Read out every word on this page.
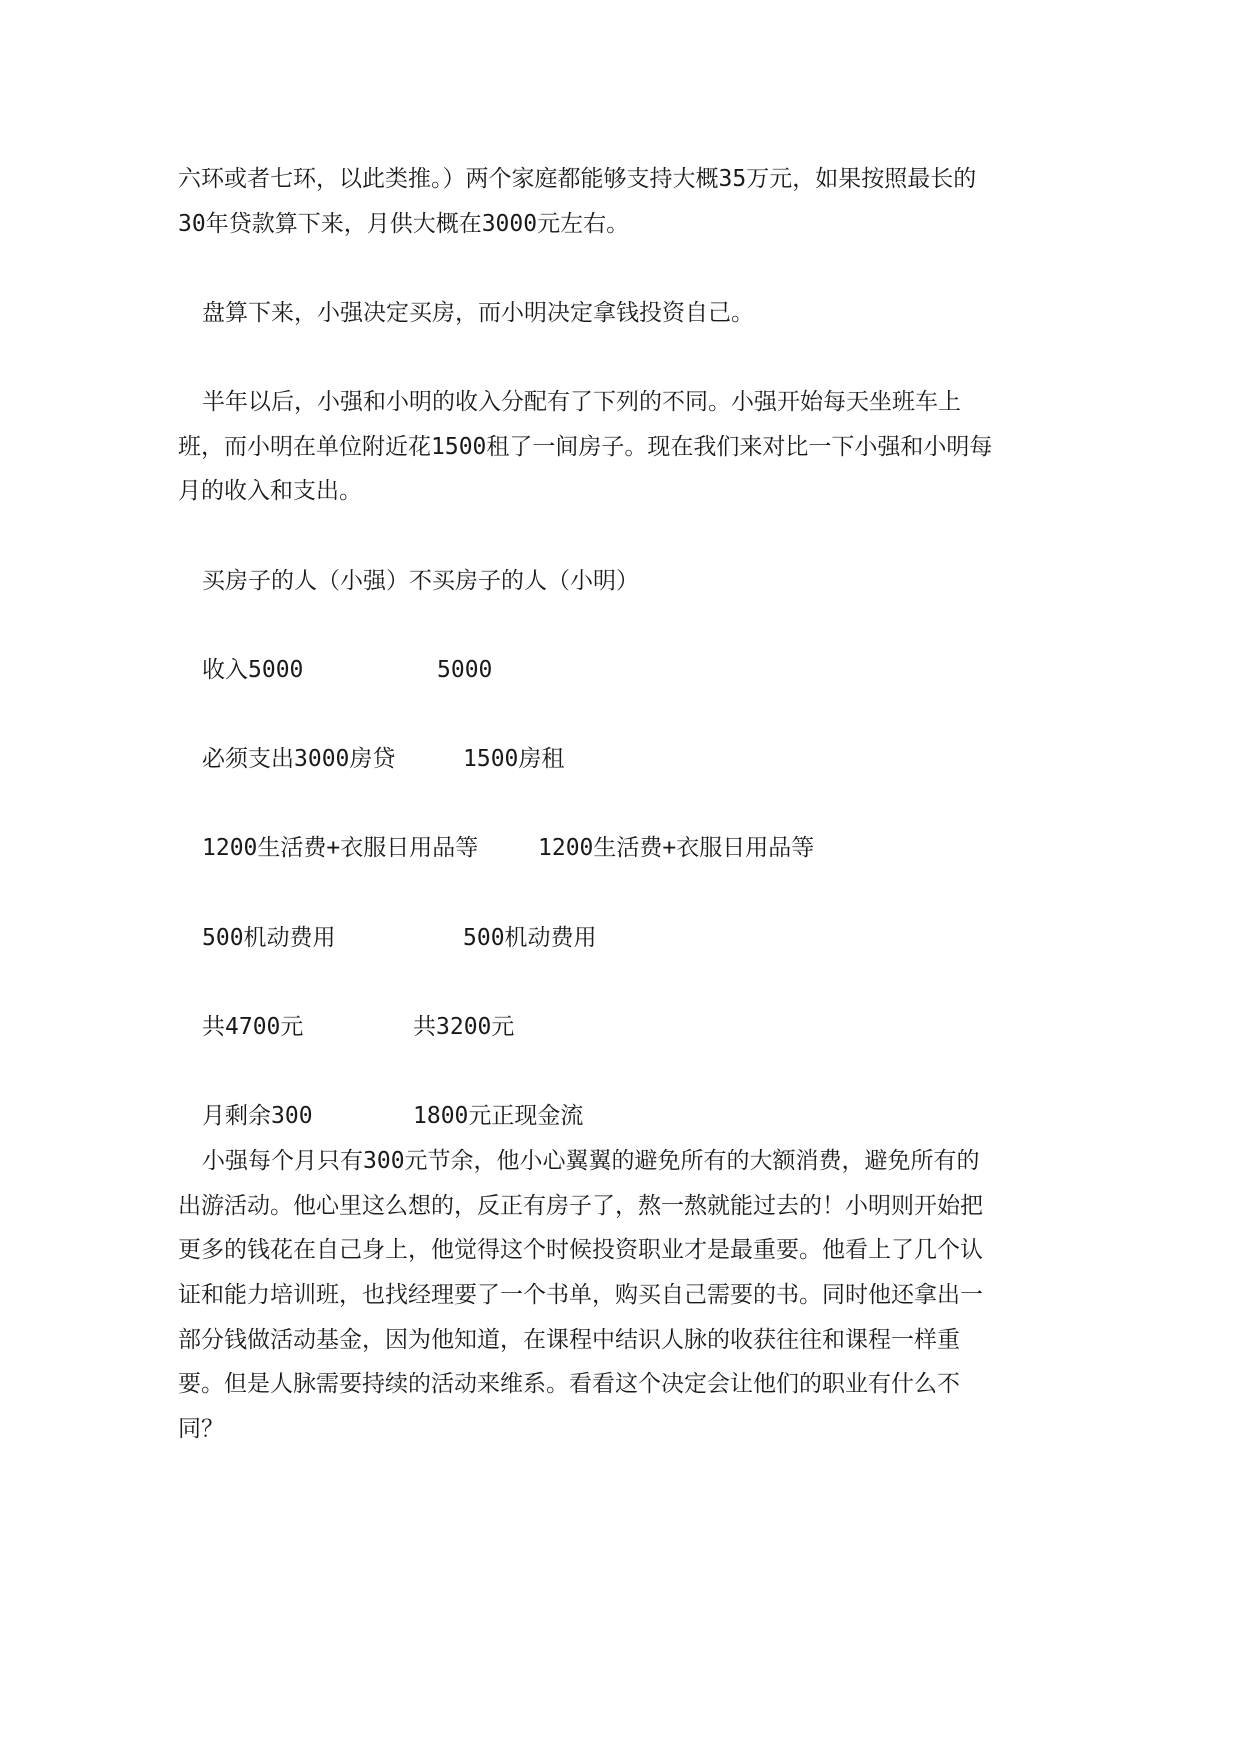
六环或者七环，以此类推。）两个家庭都能够支持大概35万元，如果按照最长的
30年贷款算下来，月供大概在3000元左右。
盘算下来，小强决定买房，而小明决定拿钱投资自己。
半年以后，小强和小明的收入分配有了下列的不同。小强开始每天坐班车上
班，而小明在单位附近花1500租了一间房子。现在我们来对比一下小强和小明每
月的收入和支出。
买房子的人（小强）不买房子的人（小明）
收入5000	5000
必须支出3000房贷	1500房租
1200生活费+衣服日用品等	1200生活费+衣服日用品等
500机动费用	500机动费用
共4700元	共3200元
月剩余300	1800元正现金流
小强每个月只有300元节余，他小心翼翼的避免所有的大额消费，避免所有的
出游活动。他心里这么想的，反正有房子了，熬一熬就能过去的！小明则开始把
更多的钱花在自己身上，他觉得这个时候投资职业才是最重要。他看上了几个认
证和能力培训班，也找经理要了一个书单，购买自己需要的书。同时他还拿出一
部分钱做活动基金，因为他知道，在课程中结识人脉的收获往往和课程一样重
要。但是人脉需要持续的活动来维系。看看这个决定会让他们的职业有什么不
同？
